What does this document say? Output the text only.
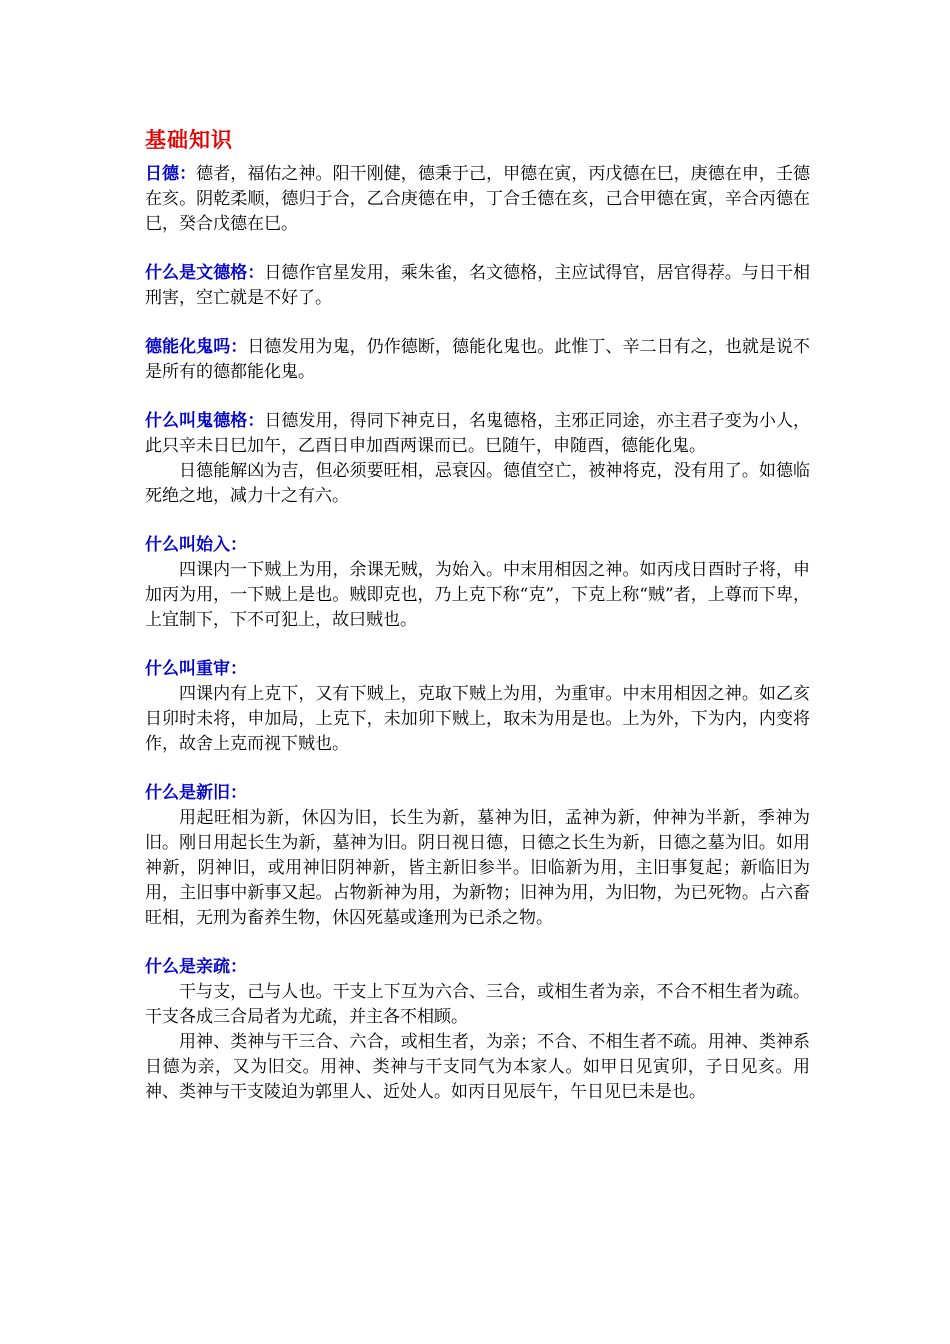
基础知识

日德：德者，福佑之神。阳干刚健，德秉于己，甲德在寅，丙戊德在巳，庚德在申，壬德在亥。阴乾柔顺，德归于合，乙合庚德在申，丁合壬德在亥，己合甲德在寅，辛合丙德在巳，癸合戊德在巳。

什么是文德格：日德作官星发用，乘朱雀，名文德格，主应试得官，居官得荐。与日干相刑害，空亡就是不好了。

德能化鬼吗：日德发用为鬼，仍作德断，德能化鬼也。此惟丁、辛二日有之，也就是说不是所有的德都能化鬼。

什么叫鬼德格：日德发用，得同下神克日，名鬼德格，主邪正同途，亦主君子变为小人，此只辛未日巳加午，乙酉日申加酉两课而已。巳随午，申随酉，德能化鬼。

日德能解凶为吉，但必须要旺相，忌衰囚。德值空亡，被神将克，没有用了。如德临死绝之地，减力十之有六。

什么叫始入：

四课内一下贼上为用，余课无贼，为始入。中末用相因之神。如丙戌日酉时子将，申加丙为用，一下贼上是也。贼即克也，乃上克下称“克”，下克上称“贼”者，上尊而下卑，上宜制下，下不可犯上，故曰贼也。

什么叫重审：

四课内有上克下，又有下贼上，克取下贼上为用，为重审。中末用相因之神。如乙亥日卯时未将，申加局，上克下，未加卯下贼上，取未为用是也。上为外，下为内，内变将作，故舍上克而视下贼也。

什么是新旧：

用起旺相为新，休囚为旧，长生为新，墓神为旧，孟神为新，仲神为半新，季神为旧。刚日用起长生为新，墓神为旧。阴日视日德，日德之长生为新，日德之墓为旧。如用神新，阴神旧，或用神旧阴神新，皆主新旧参半。旧临新为用，主旧事复起；新临旧为用，主旧事中新事又起。占物新神为用，为新物；旧神为用，为旧物，为已死物。占六畜旺相，无刑为畜养生物，休囚死墓或逢刑为已杀之物。

什么是亲疏：

干与支，己与人也。干支上下互为六合、三合，或相生者为亲，不合不相生者为疏。干支各成三合局者为尤疏，并主各不相顾。

用神、类神与干三合、六合，或相生者，为亲；不合、不相生者不疏。用神、类神系日德为亲，又为旧交。用神、类神与干支同气为本家人。如甲日见寅卯，子日见亥。用神、类神与干支陵迫为郭里人、近处人。如丙日见辰午，午日见巳未是也。
